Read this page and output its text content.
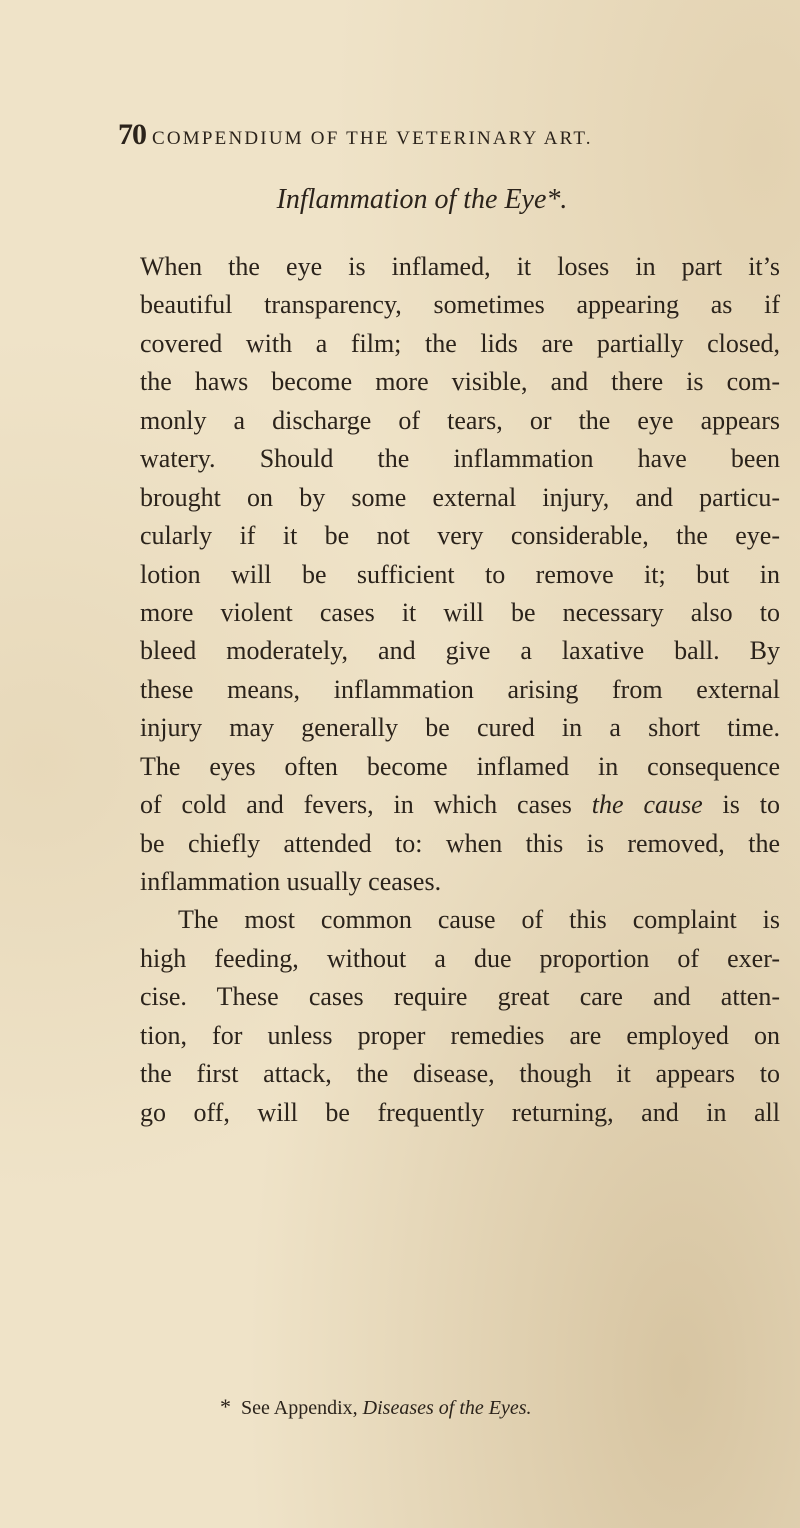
70 COMPENDIUM OF THE VETERINARY ART.
Inflammation of the Eye*.
When the eye is inflamed, it loses in part it’s
beautiful transparency, sometimes appearing as if
covered with a film; the lids are partially closed,
the haws become more visible, and there is com-
monly a discharge of tears, or the eye appears
watery. Should the inflammation have been
brought on by some external injury, and particu-
cularly if it be not very considerable, the eye-
lotion will be sufficient to remove it; but in
more violent cases it will be necessary also to
bleed moderately, and give a laxative ball. By
these means, inflammation arising from external
injury may generally be cured in a short time.
The eyes often become inflamed in consequence
of cold and fevers, in which cases the cause is to
be chiefly attended to: when this is removed, the
inflammation usually ceases.
The most common cause of this complaint is
high feeding, without a due proportion of exer-
cise. These cases require great care and atten-
tion, for unless proper remedies are employed on
the first attack, the disease, though it appears to
go off, will be frequently returning, and in all
* See Appendix, Diseases of the Eyes.
